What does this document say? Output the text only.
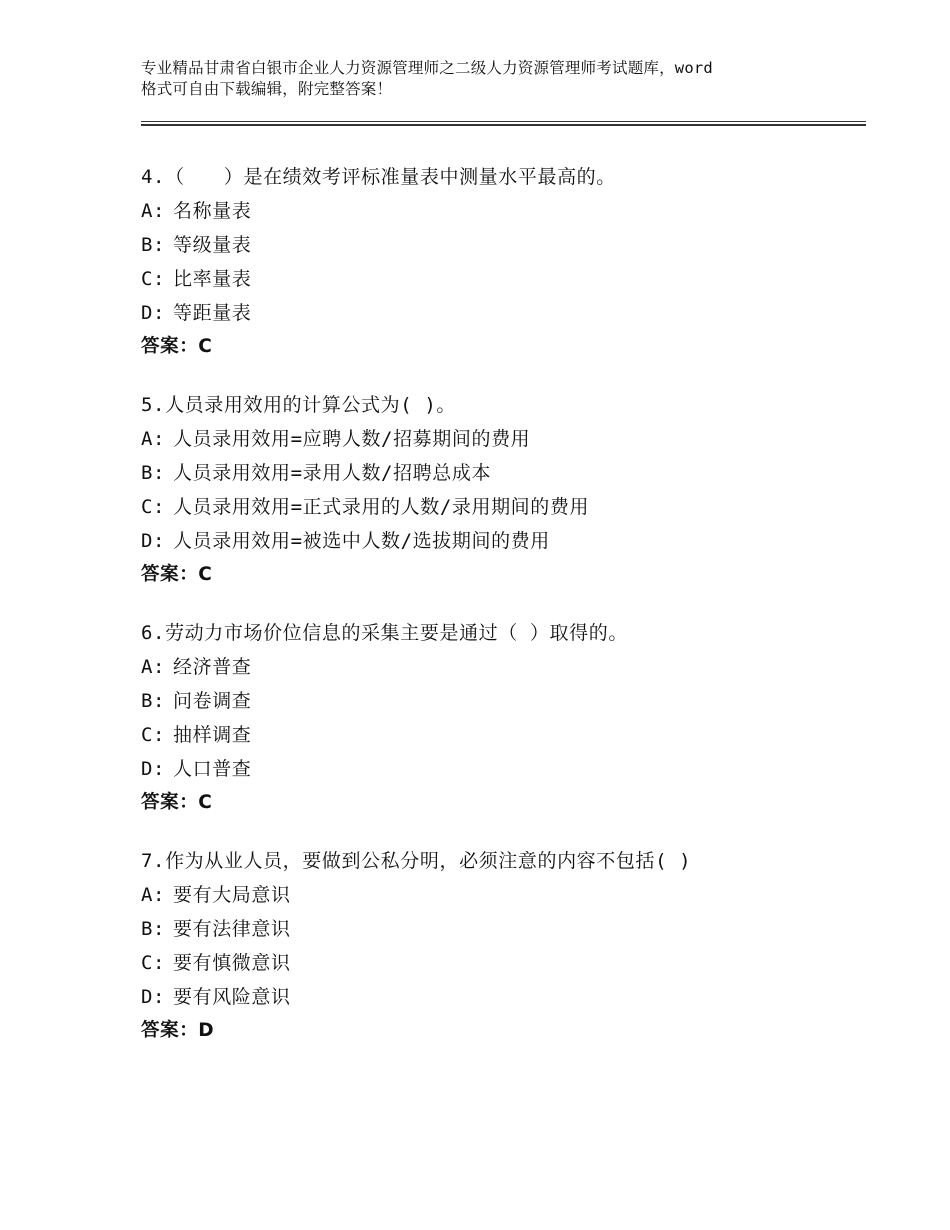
专业精品甘肃省白银市企业人力资源管理师之二级人力资源管理师考试题库，word
格式可自由下载编辑，附完整答案！
4.（　　）是在绩效考评标准量表中测量水平最高的。
A: 名称量表
B: 等级量表
C: 比率量表
D: 等距量表
答案：C
5.人员录用效用的计算公式为( )。
A: 人员录用效用=应聘人数/招募期间的费用
B: 人员录用效用=录用人数/招聘总成本
C: 人员录用效用=正式录用的人数/录用期间的费用
D: 人员录用效用=被选中人数/选拔期间的费用
答案：C
6.劳动力市场价位信息的采集主要是通过（ ）取得的。
A: 经济普查
B: 问卷调查
C: 抽样调查
D: 人口普查
答案：C
7.作为从业人员，要做到公私分明，必须注意的内容不包括( )
A: 要有大局意识
B: 要有法律意识
C: 要有慎微意识
D: 要有风险意识
答案：D
